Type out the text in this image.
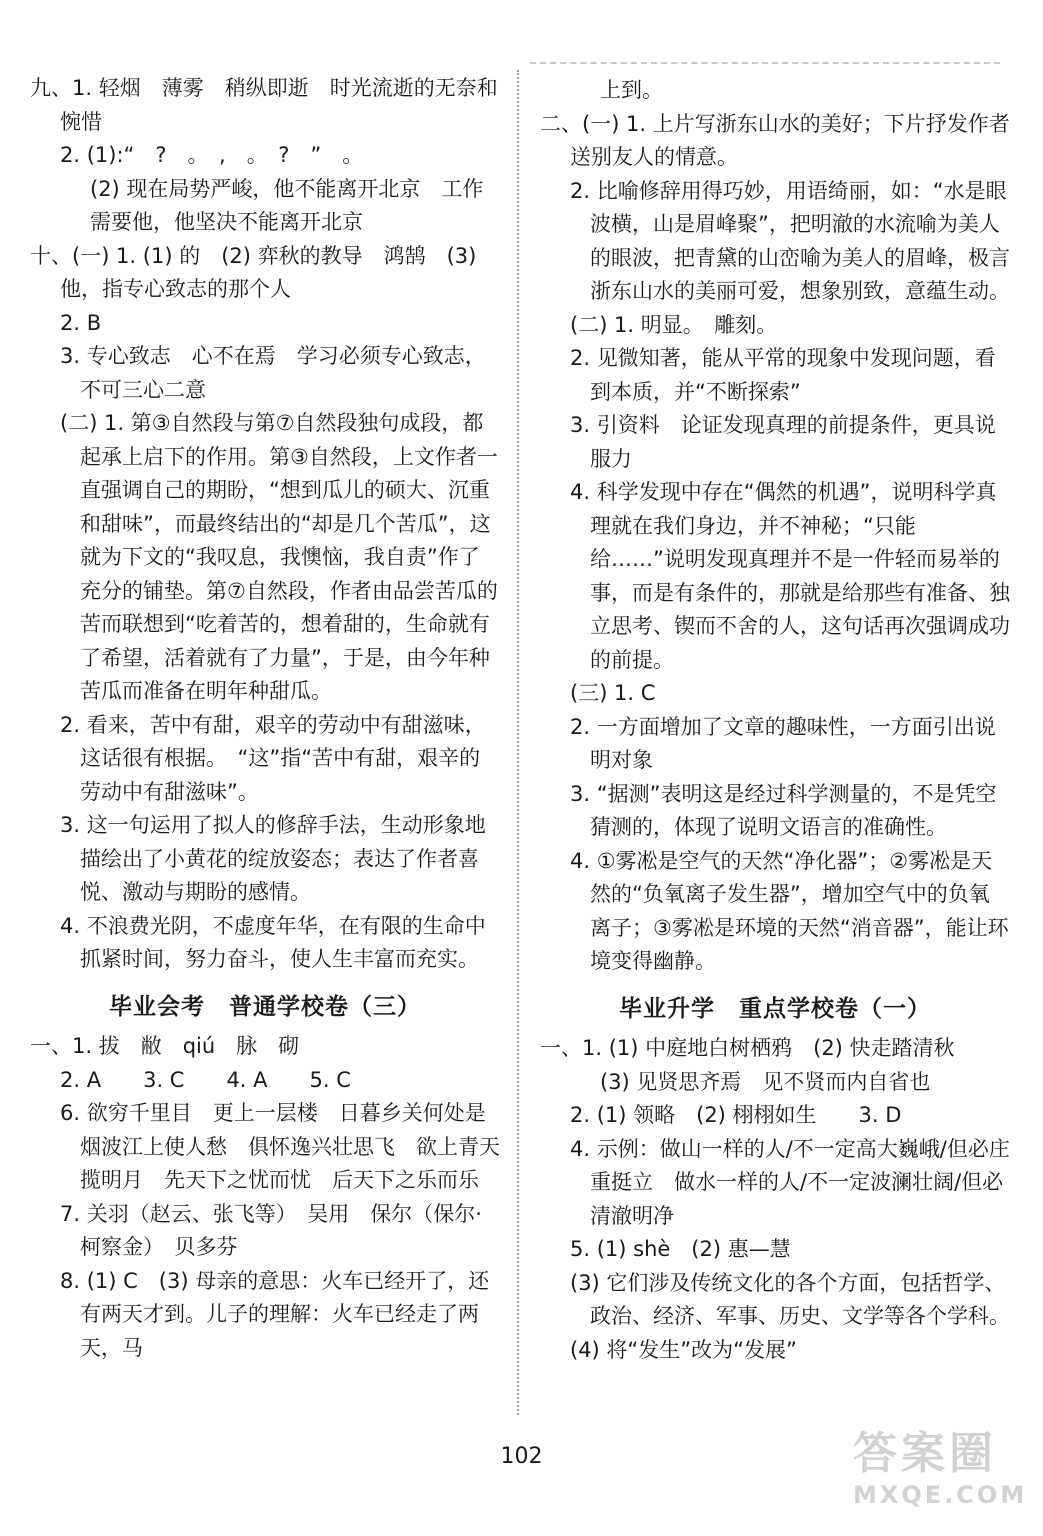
九、1. 轻烟　薄雾　稍纵即逝　时光流逝的无奈和惋惜

2. (1):“　?　。　,　。　?　”　。

(2) 现在局势严峻，他不能离开北京　工作需要他，他坚决不能离开北京

十、(一) 1. (1) 的　(2) 弈秋的教导　鸿鹄　(3) 他，指专心致志的那个人

2. B

3. 专心致志　心不在焉　学习必须专心致志，不可三心二意

(二) 1. 第③自然段与第⑦自然段独句成段，都起承上启下的作用。第③自然段，上文作者一直强调自己的期盼，“想到瓜儿的硕大、沉重和甜味”，而最终结出的“却是几个苦瓜”，这就为下文的“我叹息，我懊恼，我自责”作了充分的铺垫。第⑦自然段，作者由品尝苦瓜的苦而联想到“吃着苦的，想着甜的，生命就有了希望，活着就有了力量”，于是，由今年种苦瓜而准备在明年种甜瓜。

2. 看来，苦中有甜，艰辛的劳动中有甜滋味，这话很有根据。　“这”指“苦中有甜，艰辛的劳动中有甜滋味”。

3. 这一句运用了拟人的修辞手法，生动形象地描绘出了小黄花的绽放姿态；表达了作者喜悦、激动与期盼的感情。

4. 不浪费光阴，不虚度年华，在有限的生命中抓紧时间，努力奋斗，使人生丰富而充实。

毕业会考　普通学校卷（三）

一、1. 拔　敝　qiú　脉　砌

2. A　　3. C　　4. A　　5. C

6. 欲穷千里目　更上一层楼　日暮乡关何处是　烟波江上使人愁　俱怀逸兴壮思飞　欲上青天揽明月　先天下之忧而忧　后天下之乐而乐

7. 关羽（赵云、张飞等）　吴用　保尔（保尔·柯察金）　贝多芬

8. (1) C　(3) 母亲的意思：火车已经开了，还有两天才到。儿子的理解：火车已经走了两天，马

上到。

二、(一) 1. 上片写浙东山水的美好；下片抒发作者送别友人的情意。

2. 比喻修辞用得巧妙，用语绮丽，如：“水是眼波横，山是眉峰聚”，把明澈的水流喻为美人的眼波，把青黛的山峦喻为美人的眉峰，极言浙东山水的美丽可爱，想象别致，意蕴生动。

(二) 1. 明显。　雕刻。

2. 见微知著，能从平常的现象中发现问题，看到本质，并“不断探索”

3. 引资料　论证发现真理的前提条件，更具说服力

4. 科学发现中存在“偶然的机遇”，说明科学真理就在我们身边，并不神秘；“只能给……”说明发现真理并不是一件轻而易举的事，而是有条件的，那就是给那些有准备、独立思考、锲而不舍的人，这句话再次强调成功的前提。

(三) 1. C

2. 一方面增加了文章的趣味性，一方面引出说明对象

3. “据测”表明这是经过科学测量的，不是凭空猜测的，体现了说明文语言的准确性。

4. ①雾凇是空气的天然“净化器”；②雾凇是天然的“负氧离子发生器”，增加空气中的负氧离子；③雾凇是环境的天然“消音器”，能让环境变得幽静。

毕业升学　重点学校卷（一）

一、1. (1) 中庭地白树栖鸦　(2) 快走踏清秋

(3) 见贤思齐焉　见不贤而内自省也

2. (1) 领略　(2) 栩栩如生　　3. D

4. 示例：做山一样的人/不一定高大巍峨/但必庄重挺立　做水一样的人/不一定波澜壮阔/但必清澈明净

5. (1) shè　(2) 惠—慧

(3) 它们涉及传统文化的各个方面，包括哲学、政治、经济、军事、历史、文学等各个学科。

(4) 将“发生”改为“发展”

102	答案圈
MXQE.COM
